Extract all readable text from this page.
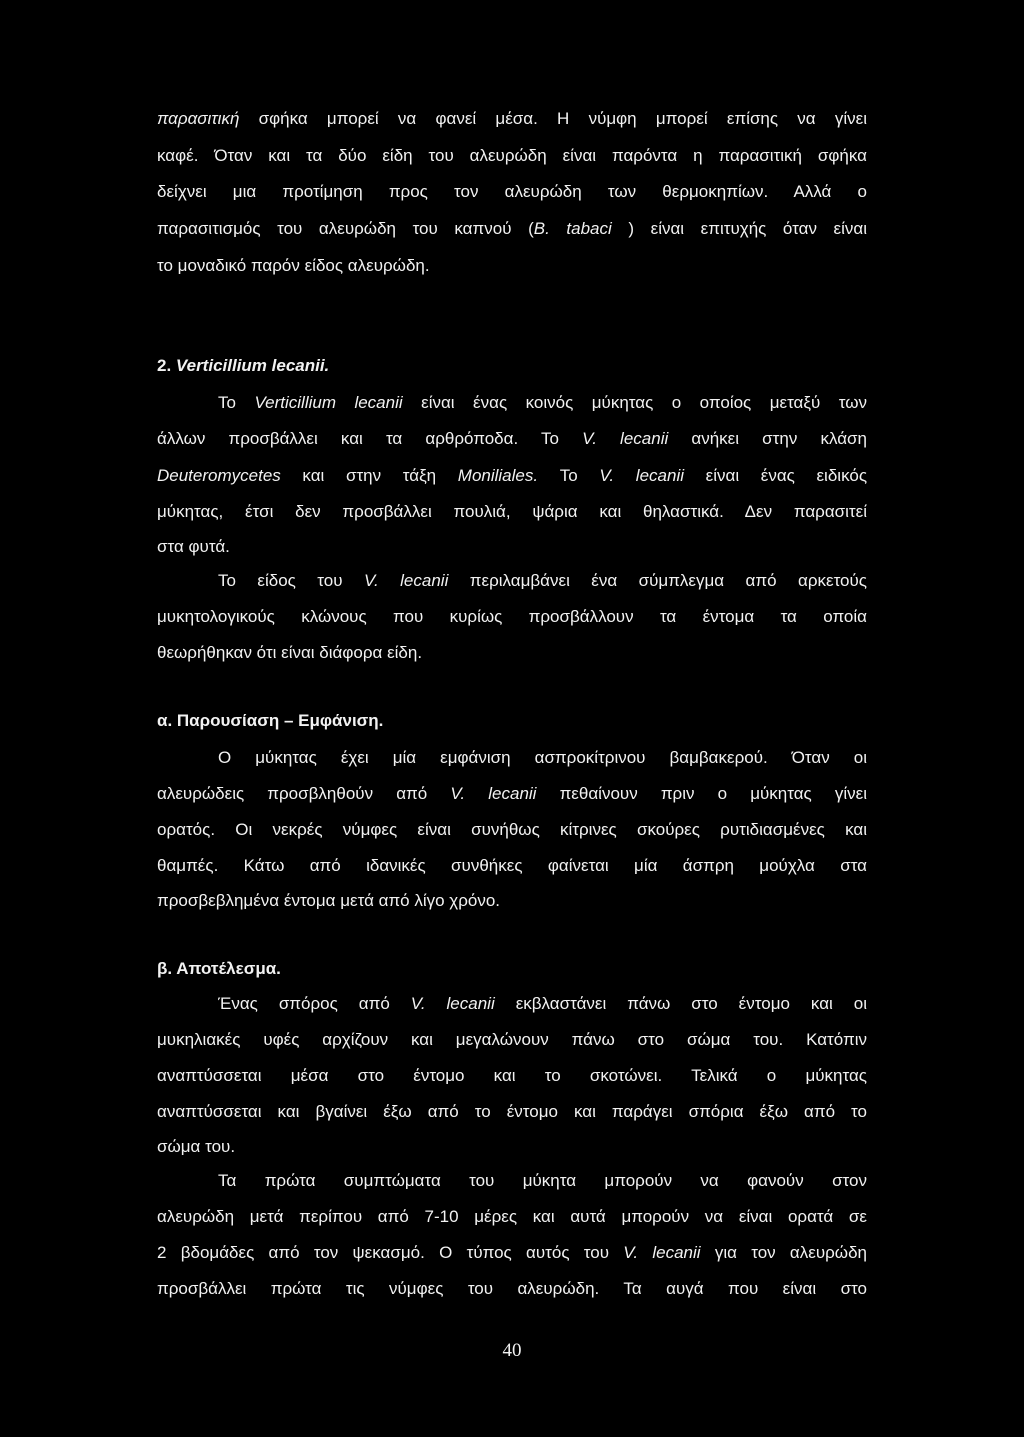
παρασιτική σφήκα μπορεί να φανεί μέσα. Η νύμφη μπορεί επίσης να γίνει
καφέ. Όταν και τα δύο είδη του αλευρώδη είναι παρόντα η παρασιτική σφήκα
δείχνει μια προτίμηση προς τον αλευρώδη των θερμοκηπίων. Αλλά ο
παρασιτισμός του αλευρώδη του καπνού (B. tabaci ) είναι επιτυχής όταν είναι
το μοναδικό παρόν είδος αλευρώδη.
2. Verticillium lecanii.
Το Verticillium lecanii είναι ένας κοινός μύκητας ο οποίος μεταξύ των
άλλων προσβάλλει και τα αρθρόποδα. Το V. lecanii ανήκει στην κλάση
Deuteromycetes και στην τάξη Moniliales. Το V. lecanii είναι ένας ειδικός
μύκητας, έτσι δεν προσβάλλει πουλιά, ψάρια και θηλαστικά. Δεν παρασιτεί
στα φυτά.
Το είδος του V. lecanii περιλαμβάνει ένα σύμπλεγμα από αρκετούς
μυκητολογικούς κλώνους που κυρίως προσβάλλουν τα έντομα τα οποία
θεωρήθηκαν ότι είναι διάφορα είδη.
α. Παρουσίαση – Εμφάνιση.
Ο μύκητας έχει μία εμφάνιση ασπροκίτρινου βαμβακερού. Όταν οι
αλευρώδεις προσβληθούν από V. lecanii πεθαίνουν πριν ο μύκητας γίνει
ορατός. Οι νεκρές νύμφες είναι συνήθως κίτρινες σκούρες ρυτιδιασμένες και
θαμπές. Κάτω από ιδανικές συνθήκες φαίνεται μία άσπρη μούχλα στα
προσβεβλημένα έντομα μετά από λίγο χρόνο.
β. Αποτέλεσμα.
Ένας σπόρος από V. lecanii εκβλαστάνει πάνω στο έντομο και οι
μυκηλιακές υφές αρχίζουν και μεγαλώνουν πάνω στο σώμα του. Κατόπιν
αναπτύσσεται μέσα στο έντομο και το σκοτώνει. Τελικά ο μύκητας
αναπτύσσεται και βγαίνει έξω από το έντομο και παράγει σπόρια έξω από το
σώμα του.
Τα πρώτα συμπτώματα του μύκητα μπορούν να φανούν στον
αλευρώδη μετά περίπου από 7-10 μέρες και αυτά μπορούν να είναι ορατά σε
2 βδομάδες από τον ψεκασμό. Ο τύπος αυτός του V. lecanii για τον αλευρώδη
προσβάλλει πρώτα τις νύμφες του αλευρώδη. Τα αυγά που είναι στο
40
